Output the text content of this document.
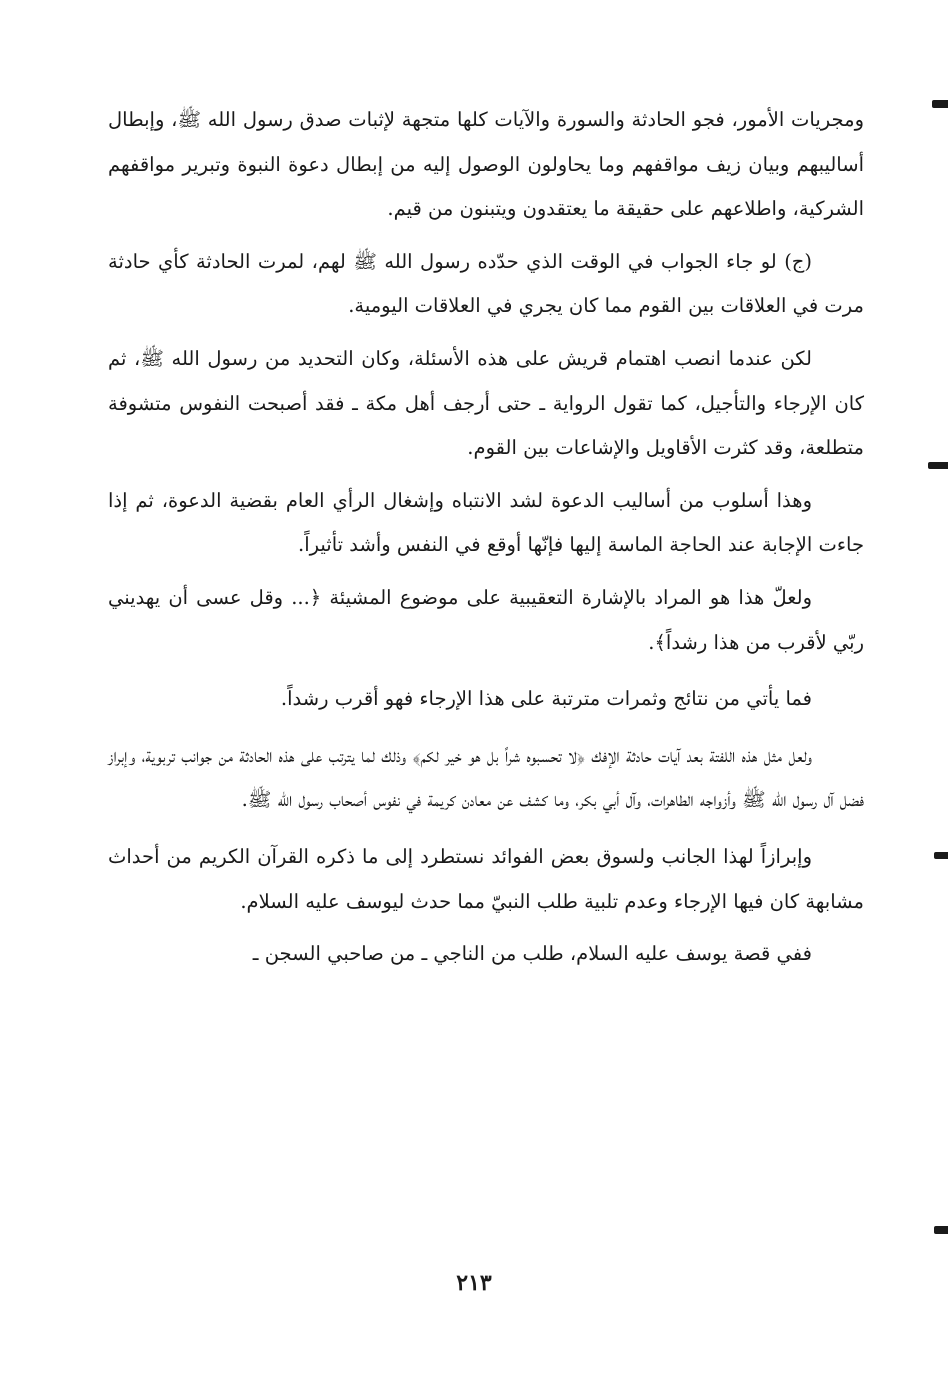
ومجريات الأمور، فجو الحادثة والسورة والآيات كلها متجهة لإثبات صدق رسول الله ﷺ، وإبطال أساليبهم وبيان زيف مواقفهم وما يحاولون الوصول إليه من إبطال دعوة النبوة وتبرير مواقفهم الشركية، واطلاعهم على حقيقة ما يعتقدون ويتبنون من قيم.

(ج) لو جاء الجواب في الوقت الذي حدّده رسول الله ﷺ لهم، لمرت الحادثة كأي حادثة مرت في العلاقات بين القوم مما كان يجري في العلاقات اليومية.

لكن عندما انصب اهتمام قريش على هذه الأسئلة، وكان التحديد من رسول الله ﷺ، ثم كان الإرجاء والتأجيل، كما تقول الرواية ـ حتى أرجف أهل مكة ـ فقد أصبحت النفوس متشوفة متطلعة، وقد كثرت الأقاويل والإشاعات بين القوم.

وهذا أسلوب من أساليب الدعوة لشد الانتباه وإشغال الرأي العام بقضية الدعوة، ثم إذا جاءت الإجابة عند الحاجة الماسة إليها فإنّها أوقع في النفس وأشد تأثيراً.

ولعلّ هذا هو المراد بالإشارة التعقيبية على موضوع المشيئة ﴿... وقل عسى أن يهديني ربّي لأقرب من هذا رشداً﴾.

فما يأتي من نتائج وثمرات مترتبة على هذا الإرجاء فهو أقرب رشداً.

ولعل مثل هذه اللفتة بعد آيات حادثة الإفك ﴿لا تحسبوه شراً بل هو خير لكم﴾ وذلك لما يترتب على هذه الحادثة من جوانب تربوية، وإبراز فضل آل رسول الله ﷺ وأزواجه الطاهرات، وآل أبي بكر، وما كشف عن معادن كريمة في نفوس أصحاب رسول الله ﷺ.

وإبرازاً لهذا الجانب ولسوق بعض الفوائد نستطرد إلى ما ذكره القرآن الكريم من أحداث مشابهة كان فيها الإرجاء وعدم تلبية طلب النبيّ مما حدث ليوسف عليه السلام.

ففي قصة يوسف عليه السلام، طلب من الناجي ـ من صاحبي السجن ـ

٢١٣
